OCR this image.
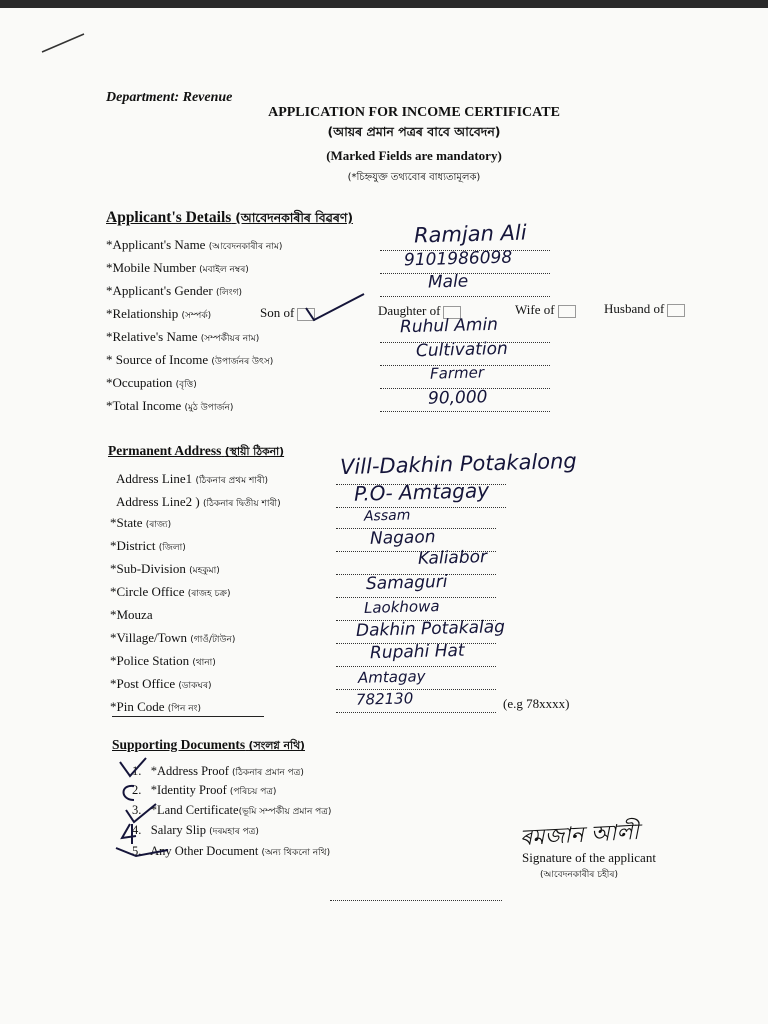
Department: Revenue
APPLICATION FOR INCOME CERTIFICATE
(আয়ৰ প্ৰমান পত্ৰৰ বাবে আবেদন)
(Marked Fields are mandatory)
(*চিহ্নযুক্ত তথ্যবোৰ বাধ্যতামূলক)
Applicant's Details (আবেদনকাৰীৰ বিৱৰণ)
*Applicant's Name (আবেদনকাৰীৰ নাম)	Ramjan Ali
*Mobile Number (মবাইল নম্বৰ)	9101986098
*Applicant's Gender (লিংগ)
Male
*Relationship (সম্পৰ্ক)	Son of	Daughter of	Wife of	Husband of
*Relative's Name (সম্পৰ্কীয়ৰ নাম)
Ruhul Amin
* Source of Income (উপাৰ্জনৰ উৎস)
Cultivation
*Occupation (বৃত্তি)
Farmer
*Total Income (মুঠ উপাৰ্জন)	90,000
Permanent Address (স্থায়ী ঠিকনা)
Address Line1 (ঠিকনাৰ প্ৰথম শাৰী)
Vill-Dakhin Potakalong
Address Line2 ) (ঠিকনাৰ দ্বিতীয় শাৰী)	P.O- Amtagay
*State (ৰাজ্য)
Assam
*District (জিলা)	Nagaon
*Sub-Division (মহকুমা)
Kaliabor
*Circle Office (ৰাজহ চক্ৰ)	Samaguri
*Mouza	Laokhowa
*Village/Town (গাওঁ/টাউন)	Dakhin Potakalag
*Police Station (থানা)	Rupahi Hat
*Post Office (ডাকঘৰ)	Amtagay
*Pin Code (পিন নং)
782130	(e.g 78xxxx)
Supporting Documents (সংলগ্ন নথি)
1. *Address Proof (ঠিকনাৰ প্ৰমান পত্ৰ)
2. *Identity Proof (পৰিচয় পত্ৰ)
3. *Land Certificate(ভূমি সম্পৰ্কীয় প্ৰমান পত্ৰ)
4. Salary Slip (দৰমহাৰ পত্ৰ)
5. Any Other Document (অন্য থিকনো নথি)
ৰমজান আলী
Signature of the applicant
(আবেদনকাৰীৰ চহীৰ)
